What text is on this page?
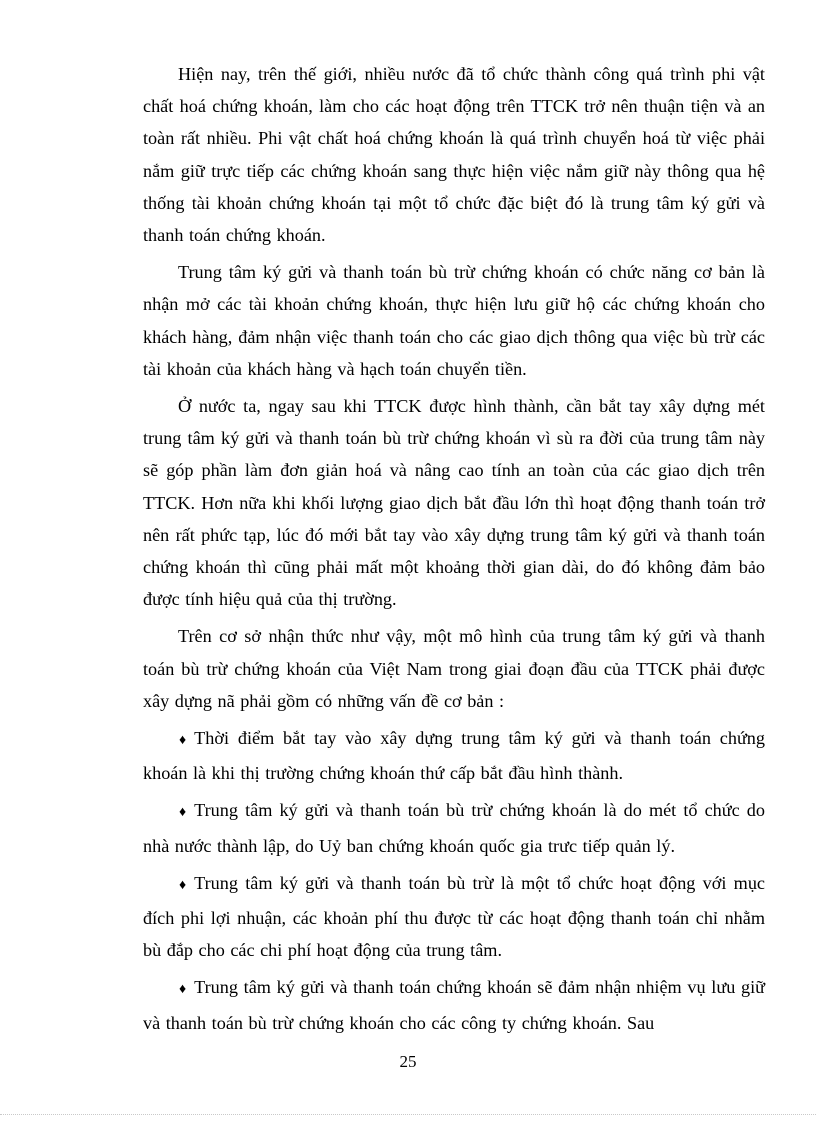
Hiện nay, trên thế giới, nhiều nước đã tổ chức thành công quá trình phi vật chất hoá chứng khoán, làm cho các hoạt động trên TTCK trở nên thuận tiện và an toàn rất nhiều. Phi vật chất hoá chứng khoán là quá trình chuyển hoá từ việc phải nắm giữ trực tiếp các chứng khoán sang thực hiện việc nắm giữ này thông qua hệ thống tài khoản chứng khoán tại một tổ chức đặc biệt đó là trung tâm ký gửi và thanh toán chứng khoán.

Trung tâm ký gửi và thanh toán bù trừ chứng khoán có chức năng cơ bản là nhận mở các tài khoản chứng khoán, thực hiện lưu giữ hộ các chứng khoán cho khách hàng, đảm nhận việc thanh toán cho các giao dịch thông qua việc bù trừ các tài khoản của khách hàng và hạch toán chuyển tiền.

Ở nước ta, ngay sau khi TTCK được hình thành, cần bắt tay xây dựng mét trung tâm ký gửi và thanh toán bù trừ chứng khoán vì sù ra đời của trung tâm này sẽ góp phần làm đơn giản hoá và nâng cao tính an toàn của các giao dịch trên TTCK. Hơn nữa khi khối lượng giao dịch bắt đầu lớn thì hoạt động thanh toán trở nên rất phức tạp, lúc đó mới bắt tay vào xây dựng trung tâm ký gửi và thanh toán chứng khoán thì cũng phải mất một khoảng thời gian dài, do đó không đảm bảo được tính hiệu quả của thị trường.

Trên cơ sở nhận thức như vậy, một mô hình của trung tâm ký gửi và thanh toán bù trừ chứng khoán của Việt Nam trong giai đoạn đầu của TTCK phải được xây dựng nã phải gồm có những vấn đề cơ bản :

♦ Thời điểm bắt tay vào xây dựng trung tâm ký gửi và thanh toán chứng khoán là khi thị trường chứng khoán thứ cấp bắt đầu hình thành.

♦ Trung tâm ký gửi và thanh toán bù trừ chứng khoán là do mét tổ chức do nhà nước thành lập, do Uỷ ban chứng khoán quốc gia trưc tiếp quản lý.

♦ Trung tâm ký gửi và thanh toán bù trừ là một tổ chức hoạt động với mục đích phi lợi nhuận, các khoản phí thu được từ các hoạt động thanh toán chỉ nhằm bù đắp cho các chi phí hoạt động của trung tâm.

♦ Trung tâm ký gửi và thanh toán chứng khoán sẽ đảm nhận nhiệm vụ lưu giữ và thanh toán bù trừ chứng khoán cho các công ty chứng khoán. Sau

25
